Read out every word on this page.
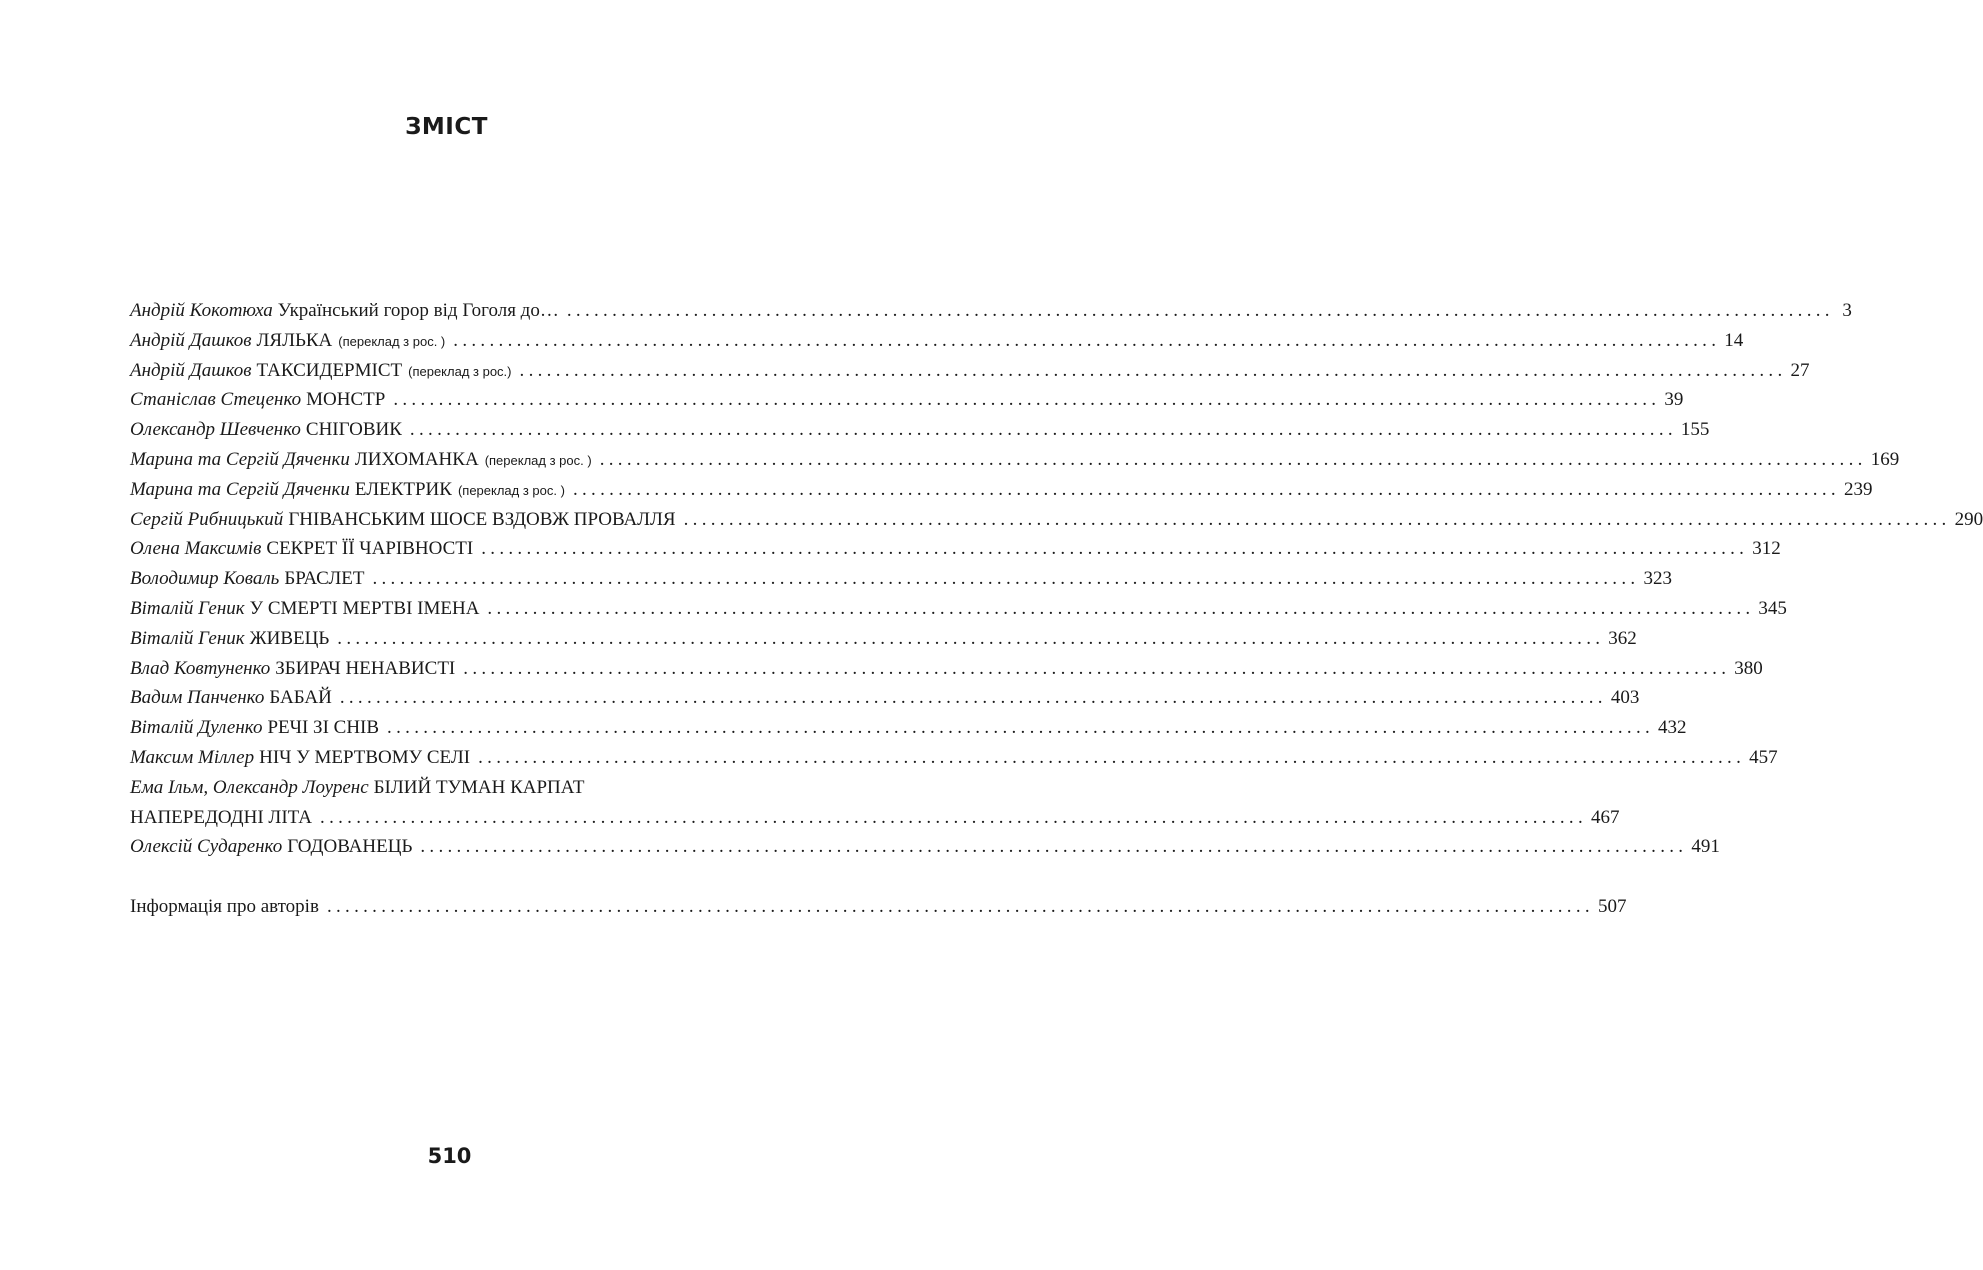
ЗМІСТ
Андрій Кокотюха Український горор від Гоголя до… ............................................................................................................................................ 3
Андрій Дашков ЛЯЛЬКА (переклад з рос. ) ............................................................................................................................................ 14
Андрій Дашков ТАКСИДЕРМІСТ (переклад з рос.) ............................................................................................................................................ 27
Станіслав Стеценко МОНСТР ............................................................................................................................................ 39
Олександр Шевченко СНІГОВИК ............................................................................................................................................ 155
Марина та Сергій Дяченки ЛИХОМАНКА (переклад з рос. ) ............................................................................................................................................ 169
Марина та Сергій Дяченки ЕЛЕКТРИК (переклад з рос. ) ............................................................................................................................................ 239
Сергій Рибницький ГНІВАНСЬКИМ ШОСЕ ВЗДОВЖ ПРОВАЛЛЯ ............................................................................................................................................ 290
Олена Максимів СЕКРЕТ ЇЇ ЧАРІВНОСТІ ............................................................................................................................................ 312
Володимир Коваль БРАСЛЕТ ............................................................................................................................................ 323
Віталій Геник У СМЕРТІ МЕРТВІ ІМЕНА ............................................................................................................................................ 345
Віталій Геник ЖИВЕЦЬ ............................................................................................................................................ 362
Влад Ковтуненко ЗБИРАЧ НЕНАВИСТІ ............................................................................................................................................ 380
Вадим Панченко БАБАЙ ............................................................................................................................................ 403
Віталій Дуленко РЕЧІ ЗІ СНІВ ............................................................................................................................................ 432
Максим Міллер НІЧ У МЕРТВОМУ СЕЛІ ............................................................................................................................................ 457
Ема Ільм, Олександр Лоуренс БІЛИЙ ТУМАН КАРПАТ
НАПЕРЕДОДНІ ЛІТА ............................................................................................................................................ 467
Олексій Сударенко ГОДОВАНЕЦЬ ............................................................................................................................................ 491
Інформація про авторів ............................................................................................................................................ 507
510
